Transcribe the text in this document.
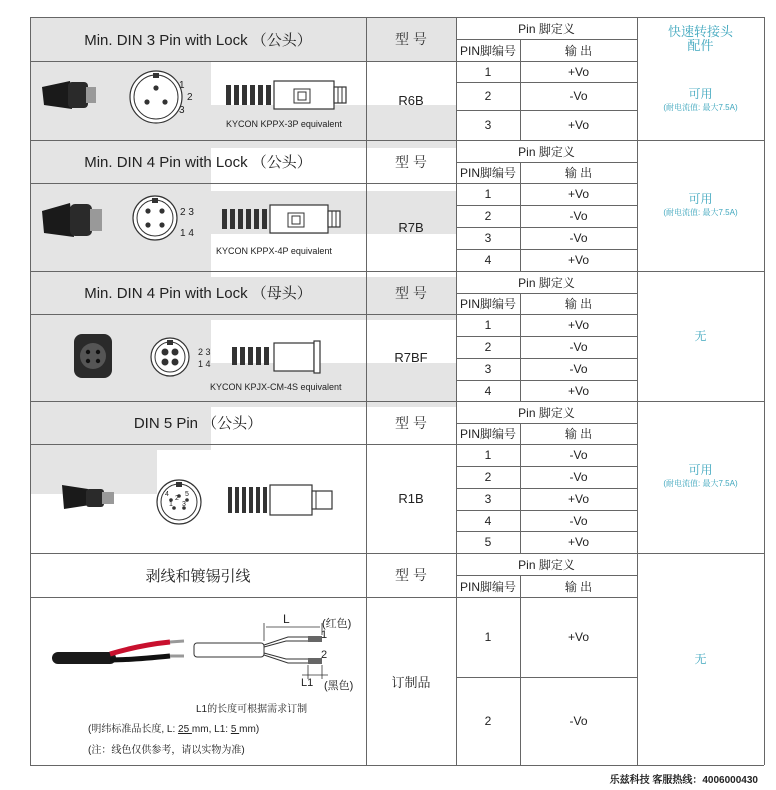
Min. DIN 3 Pin with Lock （公头）	型 号
Pin 脚定义
PIN脚编号	输 出
R6B
1	+Vo
2	-Vo
3	+Vo
可用
(耐电流值: 最大7.5A)
Min. DIN 4 Pin with Lock （公头）	型 号
Pin 脚定义
PIN脚编号	输 出
R7B
1	+Vo
2	-Vo
3	-Vo
4	+Vo
可用
(耐电流值: 最大7.5A)
Min. DIN 4 Pin with Lock （母头）	型 号
Pin 脚定义
PIN脚编号	输 出
R7BF
1	+Vo
2	-Vo
3	-Vo
4	+Vo
无
DIN 5 Pin （公头）	型 号
Pin 脚定义
PIN脚编号	输 出
R1B
1	-Vo
2	-Vo
3	+Vo
4	-Vo
5	+Vo
可用
(耐电流值: 最大7.5A)
剥线和镀锡引线	型 号
Pin 脚定义
PIN脚编号	输 出
订制品
1	+Vo
2	-Vo
无
快速转接头
配件
1
2
3
KYCON KPPX-3P equivalent
2 3
1 4
KYCON KPPX-4P equivalent
2 3
1 4
KYCON KPJX-CM-4S equivalent
4
2
5
1 3
L	(红色)
1
2
L1 (黑色)
L1的长度可根据需求订制
(明纬标准品长度, L: 25 mm, L1: 5 mm)
(注：线色仅供参考，请以实物为准)
乐兹科技 客服热线：4006000430
